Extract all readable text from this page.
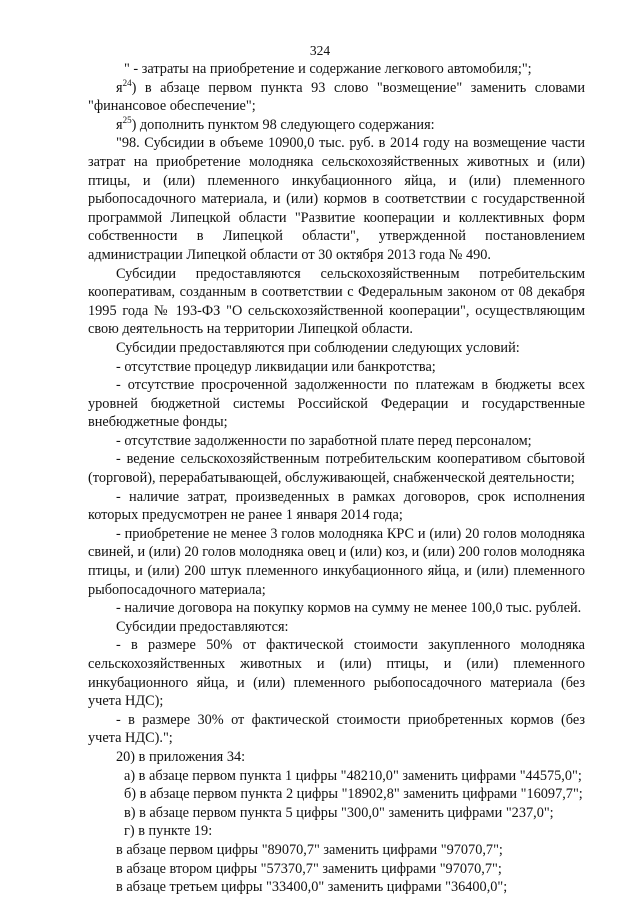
324

" - затраты на приобретение и содержание легкового автомобиля;";

$я^{24}$) в абзаце первом пункта 93 слово "возмещение" заменить словами "финансовое обеспечение";

$я^{25}$) дополнить пунктом 98 следующего содержания:

"98. Субсидии в объеме 10900,0 тыс. руб. в 2014 году на возмещение части затрат на приобретение молодняка сельскохозяйственных животных и (или) птицы, и (или) племенного инкубационного яйца, и (или) племенного рыбопосадочного материала, и (или) кормов в соответствии с государственной программой Липецкой области "Развитие кооперации и коллективных форм собственности в Липецкой области", утвержденной постановлением администрации Липецкой области от 30 октября 2013 года № 490.

Субсидии предоставляются сельскохозяйственным потребительским кооперативам, созданным в соответствии с Федеральным законом от 08 декабря 1995 года № 193-ФЗ "О сельскохозяйственной кооперации", осуществляющим свою деятельность на территории Липецкой области.

Субсидии предоставляются при соблюдении следующих условий:

- отсутствие процедур ликвидации или банкротства;

- отсутствие просроченной задолженности по платежам в бюджеты всех уровней бюджетной системы Российской Федерации и государственные внебюджетные фонды;

- отсутствие задолженности по заработной плате перед персоналом;

- ведение сельскохозяйственным потребительским кооперативом сбытовой (торговой), перерабатывающей, обслуживающей, снабженческой деятельности;

- наличие затрат, произведенных в рамках договоров, срок исполнения которых предусмотрен не ранее 1 января 2014 года;

- приобретение не менее 3 голов молодняка КРС и (или) 20 голов молодняка свиней, и (или) 20 голов молодняка овец и (или) коз, и (или) 200 голов молодняка птицы, и (или) 200 штук племенного инкубационного яйца, и (или) племенного рыбопосадочного материала;

- наличие договора на покупку кормов на сумму не менее 100,0 тыс. рублей.

Субсидии предоставляются:

- в размере 50% от фактической стоимости закупленного молодняка сельскохозяйственных животных и (или) птицы, и (или) племенного инкубационного яйца, и (или) племенного рыбопосадочного материала (без учета НДС);

- в размере 30% от фактической стоимости приобретенных кормов (без учета НДС).";

20) в приложения 34:

а) в абзаце первом пункта 1 цифры "48210,0" заменить цифрами "44575,0";

б) в абзаце первом пункта 2 цифры "18902,8" заменить цифрами "16097,7";

в) в абзаце первом пункта 5 цифры "300,0" заменить цифрами "237,0";

г) в пункте 19:

в абзаце первом цифры "89070,7" заменить цифрами "97070,7";

в абзаце втором цифры "57370,7" заменить цифрами "97070,7";

в абзаце третьем цифры "33400,0" заменить цифрами "36400,0";
